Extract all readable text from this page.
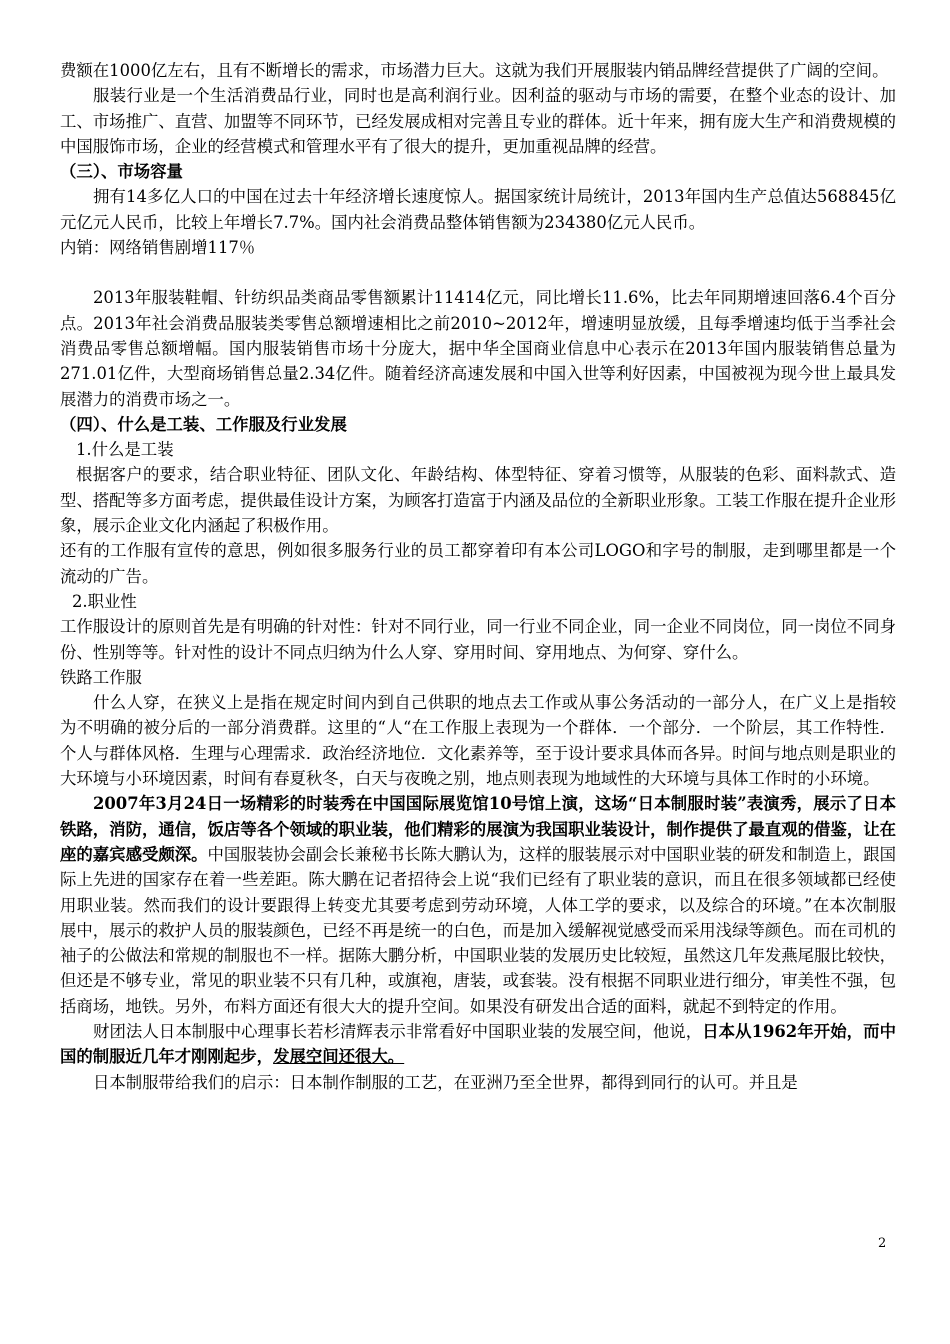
费额在1000亿左右，且有不断增长的需求，市场潜力巨大。这就为我们开展服装内销品牌经营提供了广阔的空间。

服装行业是一个生活消费品行业，同时也是高利润行业。因利益的驱动与市场的需要，在整个业态的设计、加工、市场推广、直营、加盟等不同环节，已经发展成相对完善且专业的群体。近十年来，拥有庞大生产和消费规模的中国服饰市场，企业的经营模式和管理水平有了很大的提升，更加重视品牌的经营。

（三）、市场容量

拥有14多亿人口的中国在过去十年经济增长速度惊人。据国家统计局统计，2013年国内生产总值达568845亿元亿元人民币，比较上年增长7.7%。国内社会消费品整体销售额为234380亿元人民币。

内销：网络销售剧增117％

2013年服装鞋帽、针纺织品类商品零售额累计11414亿元，同比增长11.6%，比去年同期增速回落6.4个百分点。2013年社会消费品服装类零售总额增速相比之前2010~2012年，增速明显放缓，且每季增速均低于当季社会消费品零售总额增幅。国内服装销售市场十分庞大，据中华全国商业信息中心表示在2013年国内服装销售总量为271.01亿件，大型商场销售总量2.34亿件。随着经济高速发展和中国入世等利好因素，中国被视为现今世上最具发展潜力的消费市场之一。

（四）、什么是工装、工作服及行业发展

1.什么是工装

根据客户的要求，结合职业特征、团队文化、年龄结构、体型特征、穿着习惯等，从服装的色彩、面料款式、造型、搭配等多方面考虑，提供最佳设计方案，为顾客打造富于内涵及品位的全新职业形象。工装工作服在提升企业形象，展示企业文化内涵起了积极作用。

还有的工作服有宣传的意思，例如很多服务行业的员工都穿着印有本公司LOGO和字号的制服，走到哪里都是一个流动的广告。

2.职业性

工作服设计的原则首先是有明确的针对性：针对不同行业，同一行业不同企业，同一企业不同岗位，同一岗位不同身份、性别等等。针对性的设计不同点归纳为什么人穿、穿用时间、穿用地点、为何穿、穿什么。

铁路工作服

什么人穿，在狭义上是指在规定时间内到自己供职的地点去工作或从事公务活动的一部分人，在广义上是指较为不明确的被分后的一部分消费群。这里的“人“在工作服上表现为一个群体．一个部分．一个阶层，其工作特性．个人与群体风格．生理与心理需求．政治经济地位．文化素养等，至于设计要求具体而各异。时间与地点则是职业的大环境与小环境因素，时间有春夏秋冬，白天与夜晚之别，地点则表现为地域性的大环境与具体工作时的小环境。

2007年3月24日一场精彩的时装秀在中国国际展览馆10号馆上演，这场“日本制服时装”表演秀，展示了日本铁路，消防，通信，饭店等各个领域的职业装，他们精彩的展演为我国职业装设计，制作提供了最直观的借鉴，让在座的嘉宾感受颇深。中国服装协会副会长兼秘书长陈大鹏认为，这样的服装展示对中国职业装的研发和制造上，跟国际上先进的国家存在着一些差距。陈大鹏在记者招待会上说“我们已经有了职业装的意识，而且在很多领域都已经使用职业装。然而我们的设计要跟得上转变尤其要考虑到劳动环境，人体工学的要求，以及综合的环境。”在本次制服展中，展示的救护人员的服装颜色，已经不再是统一的白色，而是加入缓解视觉感受而采用浅绿等颜色。而在司机的袖子的公做法和常规的制服也不一样。据陈大鹏分析，中国职业装的发展历史比较短，虽然这几年发燕尾服比较快，但还是不够专业，常见的职业装不只有几种，或旗袍，唐装，或套装。没有根据不同职业进行细分，审美性不强，包括商场，地铁。另外，布料方面还有很大大的提升空间。如果没有研发出合适的面料，就起不到特定的作用。

财团法人日本制服中心理事长若杉清辉表示非常看好中国职业装的发展空间，他说，日本从1962年开始，而中国的制服近几年才刚刚起步，发展空间还很大。

日本制服带给我们的启示：日本制作制服的工艺，在亚洲乃至全世界，都得到同行的认可。并且是

2
